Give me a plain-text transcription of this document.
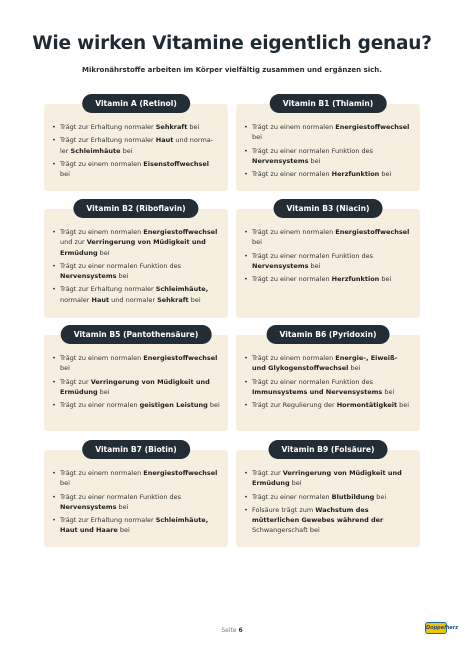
Wie wirken Vitamine eigentlich genau?
Mikronährstoffe arbeiten im Körper vielfältig zusammen und ergänzen sich.
Vitamin A (Retinol)
• Trägt zur Erhaltung normaler Sehkraft bei
• Trägt zur Erhaltung normaler Haut und norma-ler Schleimhäute bei
• Trägt zu einem normalen Eisenstoffwechsel bei
Vitamin B1 (Thiamin)
• Trägt zu einem normalen Energiestoffwechsel bei
• Trägt zu einer normalen Funktion des Nervensystems bei
• Trägt zu einer normalen Herzfunktion bei
Vitamin B2 (Riboflavin)
• Trägt zu einem normalen Energiestoffwechsel und zur Verringerung von Müdigkeit und Ermüdung bei
• Trägt zu einer normalen Funktion des Nervensystems bei
• Trägt zur Erhaltung normaler Schleimhäute, normaler Haut und normaler Sehkraft bei
Vitamin B3 (Niacin)
• Trägt zu einem normalen Energiestoffwechsel bei
• Trägt zu einer normalen Funktion des Nervensystems bei
• Trägt zu einer normalen Herzfunktion bei
Vitamin B5 (Pantothensäure)
• Trägt zu einem normalen Energiestoffwechsel bei
• Trägt zur Verringerung von Müdigkeit und Ermüdung bei
• Trägt zu einer normalen geistigen Leistung bei
Vitamin B6 (Pyridoxin)
• Trägt zu einem normalen Energie-, Eiweiß- und Glykogenstoffwechsel bei
• Trägt zu einer normalen Funktion des Immunsystems und Nervensystems bei
• Trägt zur Regulierung der Hormontätigkeit bei
Vitamin B7 (Biotin)
• Trägt zu einem normalen Energiestoffwechsel bei
• Trägt zu einer normalen Funktion des Nervensystems bei
• Trägt zur Erhaltung normaler Schleimhäute, Haut und Haare bei
Vitamin B9 (Folsäure)
• Trägt zur Verringerung von Müdigkeit und Ermüdung bei
• Trägt zu einer normalen Blutbildung bei
• Folsäure trägt zum Wachstum des mütterlichen Gewebes während der Schwangerschaft bei
Seite 6	Doppelherz
